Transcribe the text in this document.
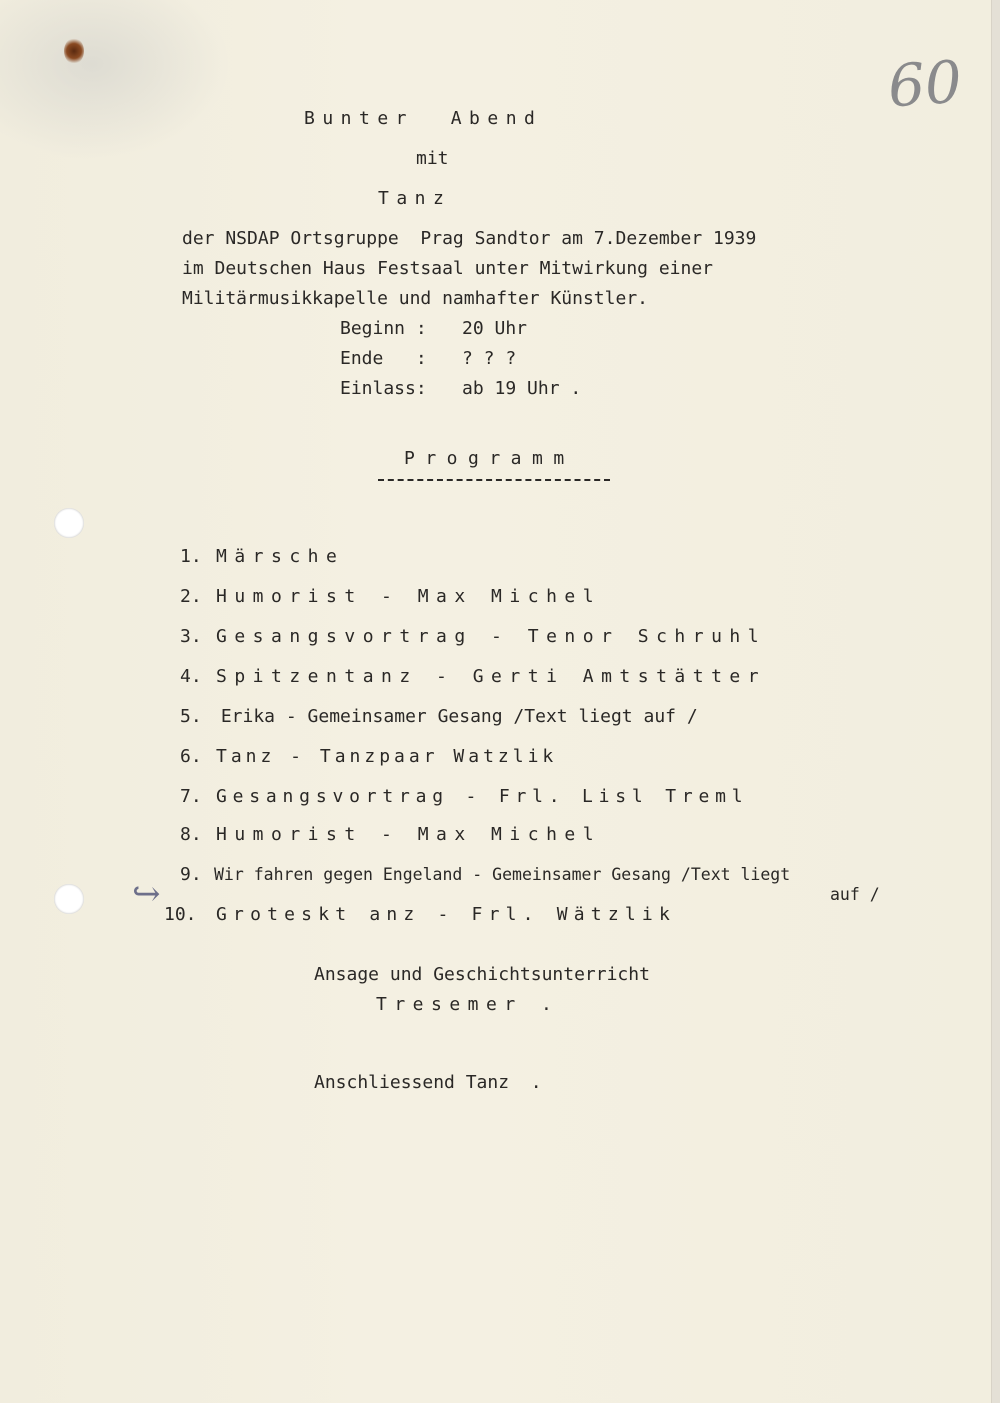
60
Bunter  Abend
mit
Tanz
der NSDAP Ortsgruppe  Prag Sandtor am 7.Dezember 1939
im Deutschen Haus Festsaal unter Mitwirkung einer
Militärmusikkapelle und namhafter Künstler.
Beginn : 20 Uhr
Ende   : ? ? ?
Einlass: ab 19 Uhr .
Programm
1. Märsche
2. Humorist - Max Michel
3. Gesangsvortrag - Tenor Schruhl
4. Spitzentanz - Gerti Amtstätter
5. Erika - Gemeinsamer Gesang /Text liegt auf /
6. Tanz - Tanzpaar Watzlik
7. Gesangsvortrag - Frl. Lisl Treml
8. Humorist - Max Michel
9. Wir fahren gegen Engeland - Gemeinsamer Gesang /Text liegt
auf /
↪
10. Groteskt anz - Frl. Wätzlik
Ansage und Geschichtsunterricht
Tresemer .
Anschliessend Tanz  .
